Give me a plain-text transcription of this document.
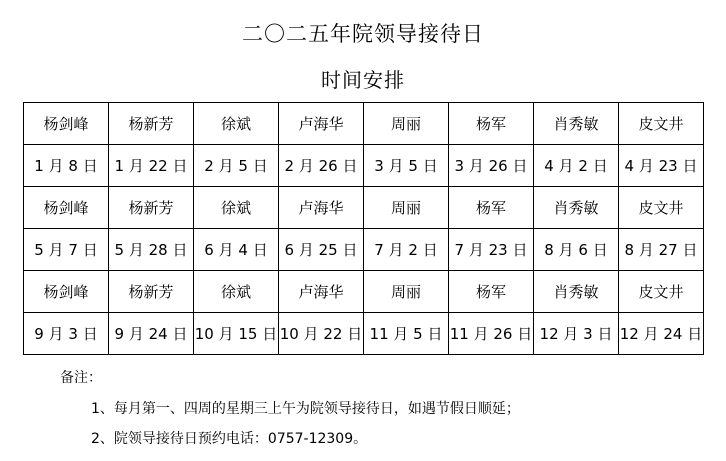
二〇二五年院领导接待日
时间安排
杨剑峰	杨新芳	徐斌	卢海华	周丽	杨军	肖秀敏	皮文井
1 月 8 日	1 月 22 日	2 月 5 日	2 月 26 日	3 月 5 日	3 月 26 日	4 月 2 日	4 月 23 日
杨剑峰	杨新芳	徐斌	卢海华	周丽	杨军	肖秀敏	皮文井
5 月 7 日	5 月 28 日	6 月 4 日	6 月 25 日	7 月 2 日	7 月 23 日	8 月 6 日	8 月 27 日
杨剑峰	杨新芳	徐斌	卢海华	周丽	杨军	肖秀敏	皮文井
9 月 3 日	9 月 24 日	10 月 15 日	10 月 22 日	11 月 5 日	11 月 26 日	12 月 3 日	12 月 24 日
备注：
1、每月第一、四周的星期三上午为院领导接待日，如遇节假日顺延；
2、院领导接待日预约电话：0757-12309。
